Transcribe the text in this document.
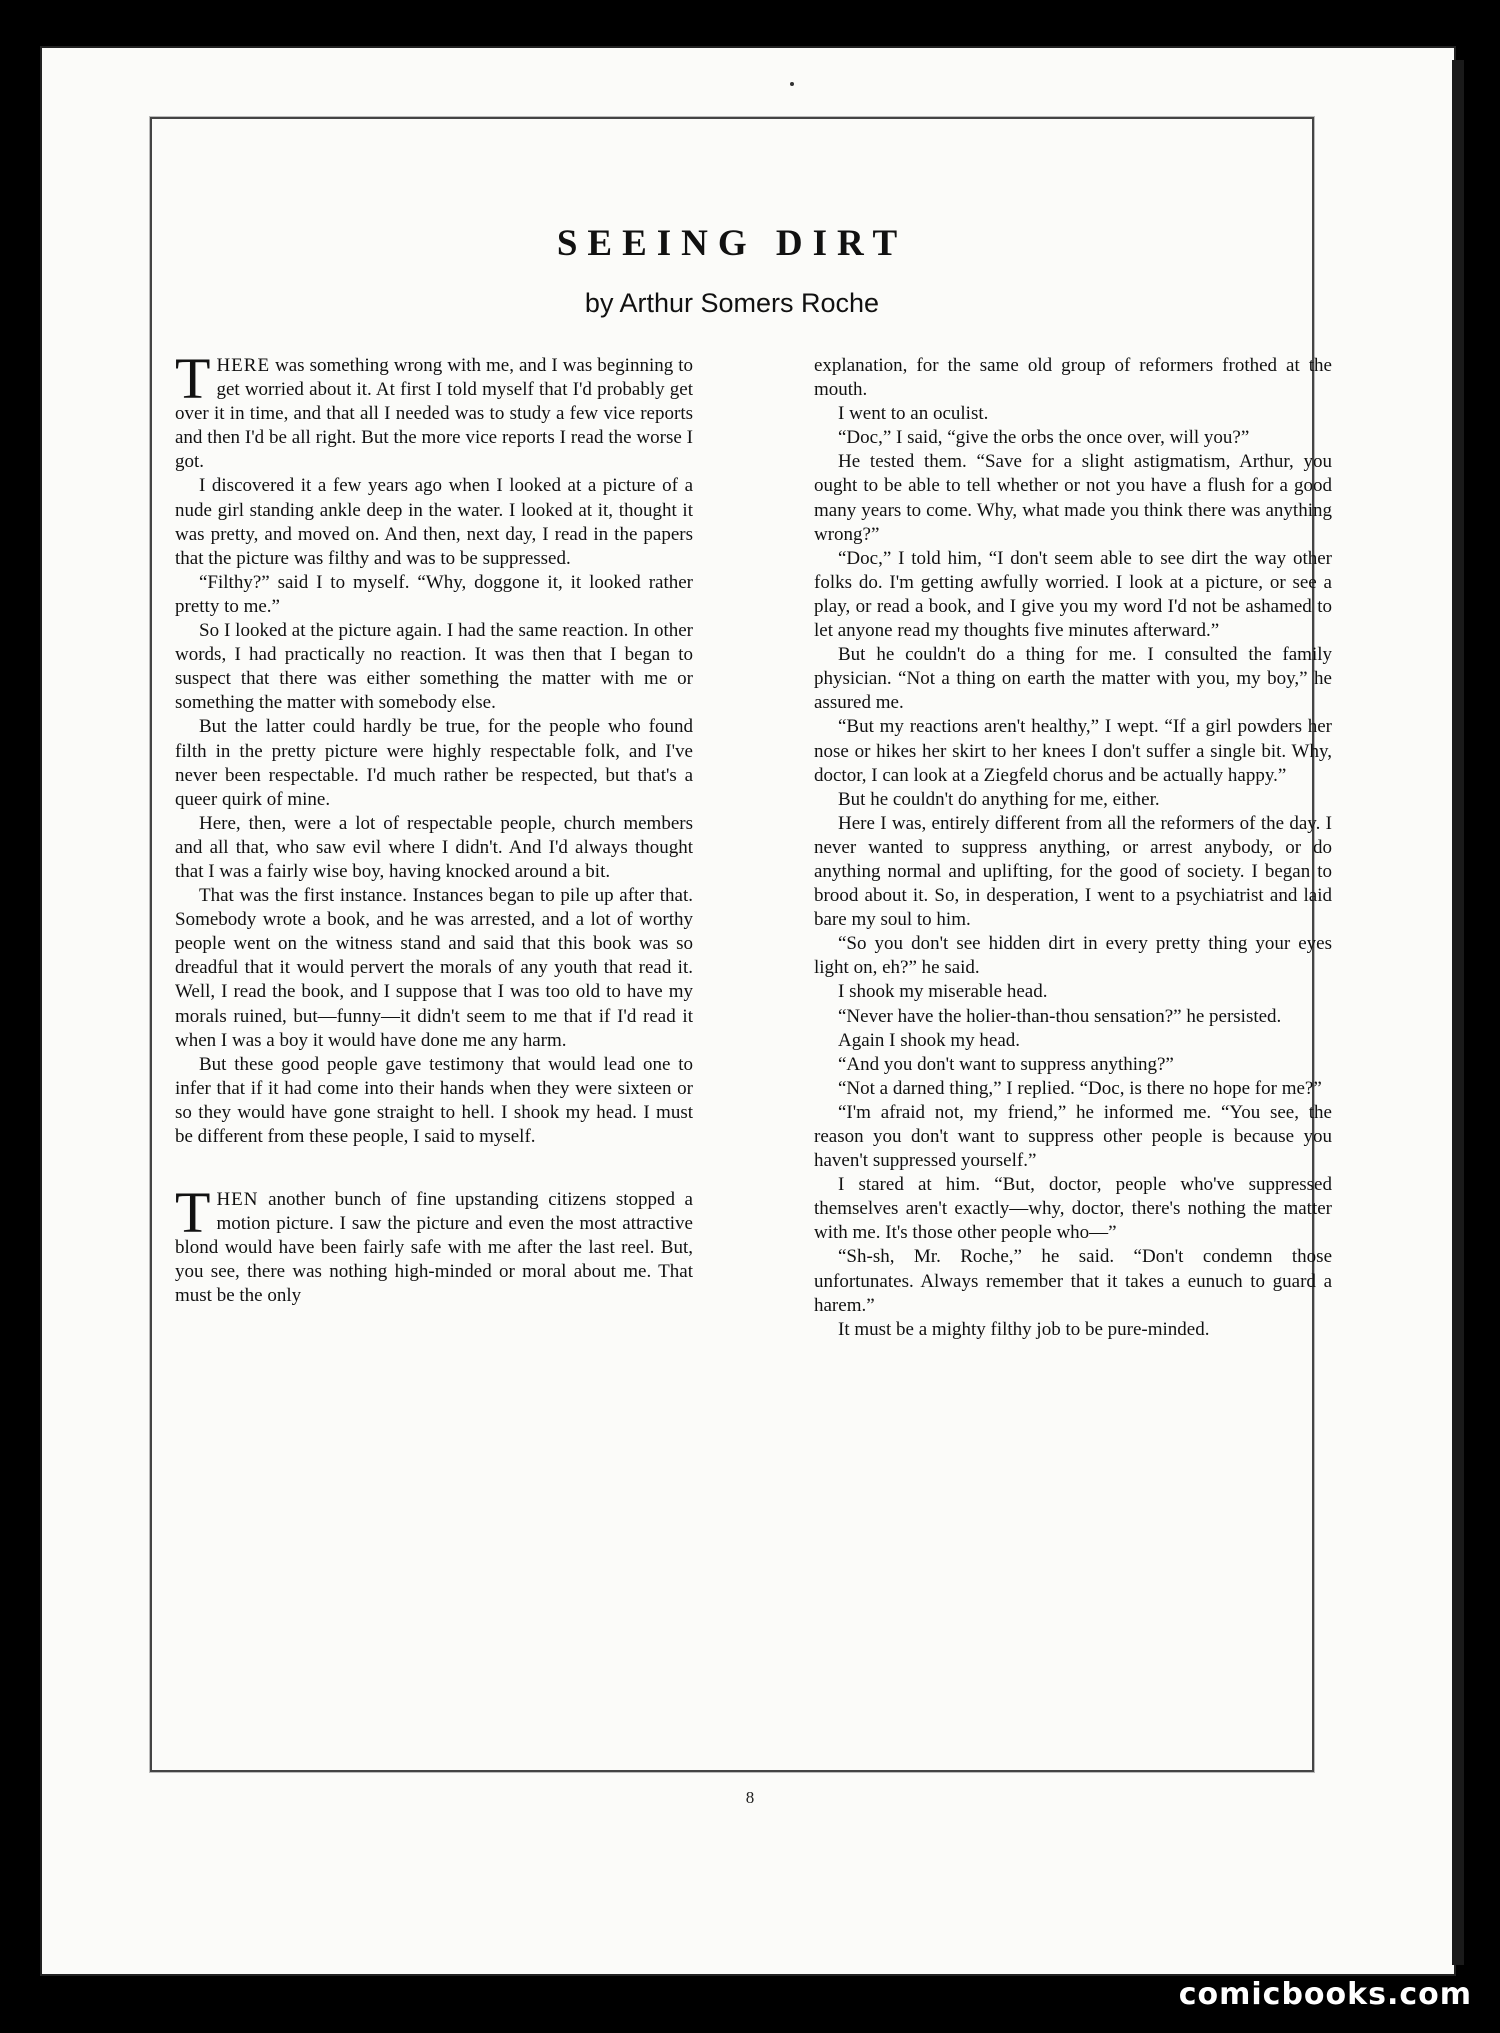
SEEING DIRT
by Arthur Somers Roche

THERE was something wrong with me, and I was beginning to get worried about it. At first I told myself that I'd probably get over it in time, and that all I needed was to study a few vice reports and then I'd be all right. But the more vice reports I read the worse I got.

I discovered it a few years ago when I looked at a picture of a nude girl standing ankle deep in the water. I looked at it, thought it was pretty, and moved on. And then, next day, I read in the papers that the picture was filthy and was to be suppressed.

“Filthy?” said I to myself. “Why, doggone it, it looked rather pretty to me.”

So I looked at the picture again. I had the same reaction. In other words, I had practically no reaction. It was then that I began to suspect that there was either something the matter with me or something the matter with somebody else.

But the latter could hardly be true, for the people who found filth in the pretty picture were highly respectable folk, and I've never been respectable. I'd much rather be respected, but that's a queer quirk of mine.

Here, then, were a lot of respectable people, church members and all that, who saw evil where I didn't. And I'd always thought that I was a fairly wise boy, having knocked around a bit.

That was the first instance. Instances began to pile up after that. Somebody wrote a book, and he was arrested, and a lot of worthy people went on the witness stand and said that this book was so dreadful that it would pervert the morals of any youth that read it. Well, I read the book, and I suppose that I was too old to have my morals ruined, but—funny—it didn't seem to me that if I'd read it when I was a boy it would have done me any harm.

But these good people gave testimony that would lead one to infer that if it had come into their hands when they were sixteen or so they would have gone straight to hell. I shook my head. I must be different from these people, I said to myself.

THEN another bunch of fine upstanding citizens stopped a motion picture. I saw the picture and even the most attractive blond would have been fairly safe with me after the last reel. But, you see, there was nothing high-minded or moral about me. That must be the only

explanation, for the same old group of reformers frothed at the mouth.

I went to an oculist.

“Doc,” I said, “give the orbs the once over, will you?”

He tested them. “Save for a slight astigmatism, Arthur, you ought to be able to tell whether or not you have a flush for a good many years to come. Why, what made you think there was anything wrong?”

“Doc,” I told him, “I don't seem able to see dirt the way other folks do. I'm getting awfully worried. I look at a picture, or see a play, or read a book, and I give you my word I'd not be ashamed to let anyone read my thoughts five minutes afterward.”

But he couldn't do a thing for me. I consulted the family physician. “Not a thing on earth the matter with you, my boy,” he assured me.

“But my reactions aren't healthy,” I wept. “If a girl powders her nose or hikes her skirt to her knees I don't suffer a single bit. Why, doctor, I can look at a Ziegfeld chorus and be actually happy.”

But he couldn't do anything for me, either.

Here I was, entirely different from all the reformers of the day. I never wanted to suppress anything, or arrest anybody, or do anything normal and uplifting, for the good of society. I began to brood about it. So, in desperation, I went to a psychiatrist and laid bare my soul to him.

“So you don't see hidden dirt in every pretty thing your eyes light on, eh?” he said.

I shook my miserable head.

“Never have the holier-than-thou sensation?” he persisted.

Again I shook my head.

“And you don't want to suppress anything?”

“Not a darned thing,” I replied. “Doc, is there no hope for me?”

“I'm afraid not, my friend,” he informed me. “You see, the reason you don't want to suppress other people is because you haven't suppressed yourself.”

I stared at him. “But, doctor, people who've suppressed themselves aren't exactly—why, doctor, there's nothing the matter with me. It's those other people who—”

“Sh-sh, Mr. Roche,” he said. “Don't condemn those unfortunates. Always remember that it takes a eunuch to guard a harem.”

It must be a mighty filthy job to be pure-minded.

8
comicbooks.com
